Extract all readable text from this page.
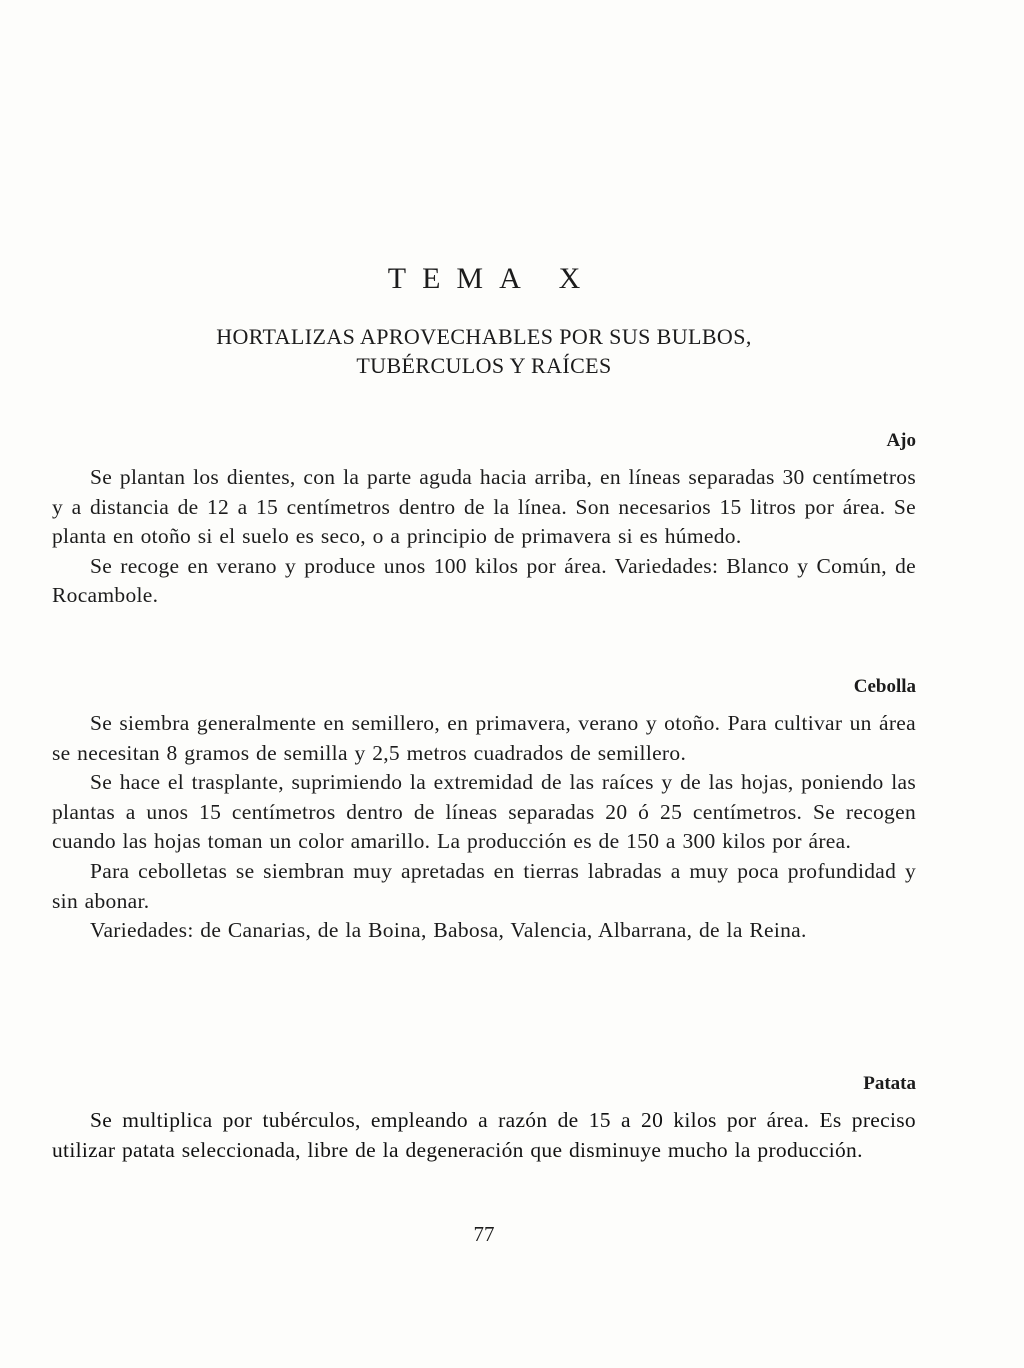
TEMA X
HORTALIZAS APROVECHABLES POR SUS BULBOS,
TUBÉRCULOS Y RAÍCES
Ajo

Se plantan los dientes, con la parte aguda hacia arriba, en líneas separadas 30 centímetros y a distancia de 12 a 15 centímetros dentro de la línea. Son necesarios 15 litros por área. Se planta en otoño si el suelo es seco, o a principio de primavera si es húmedo.

Se recoge en verano y produce unos 100 kilos por área. Variedades: Blanco y Común, de Rocambole.

Cebolla

Se siembra generalmente en semillero, en primavera, verano y otoño. Para cultivar un área se necesitan 8 gramos de semilla y 2,5 metros cuadrados de semillero.

Se hace el trasplante, suprimiendo la extremidad de las raíces y de las hojas, poniendo las plantas a unos 15 centímetros dentro de líneas separadas 20 ó 25 centímetros. Se recogen cuando las hojas toman un color amarillo. La producción es de 150 a 300 kilos por área.

Para cebolletas se siembran muy apretadas en tierras labradas a muy poca profundidad y sin abonar.

Variedades: de Canarias, de la Boina, Babosa, Valencia, Albarrana, de la Reina.

Patata

Se multiplica por tubérculos, empleando a razón de 15 a 20 kilos por área. Es preciso utilizar patata seleccionada, libre de la degeneración que disminuye mucho la producción.

77
